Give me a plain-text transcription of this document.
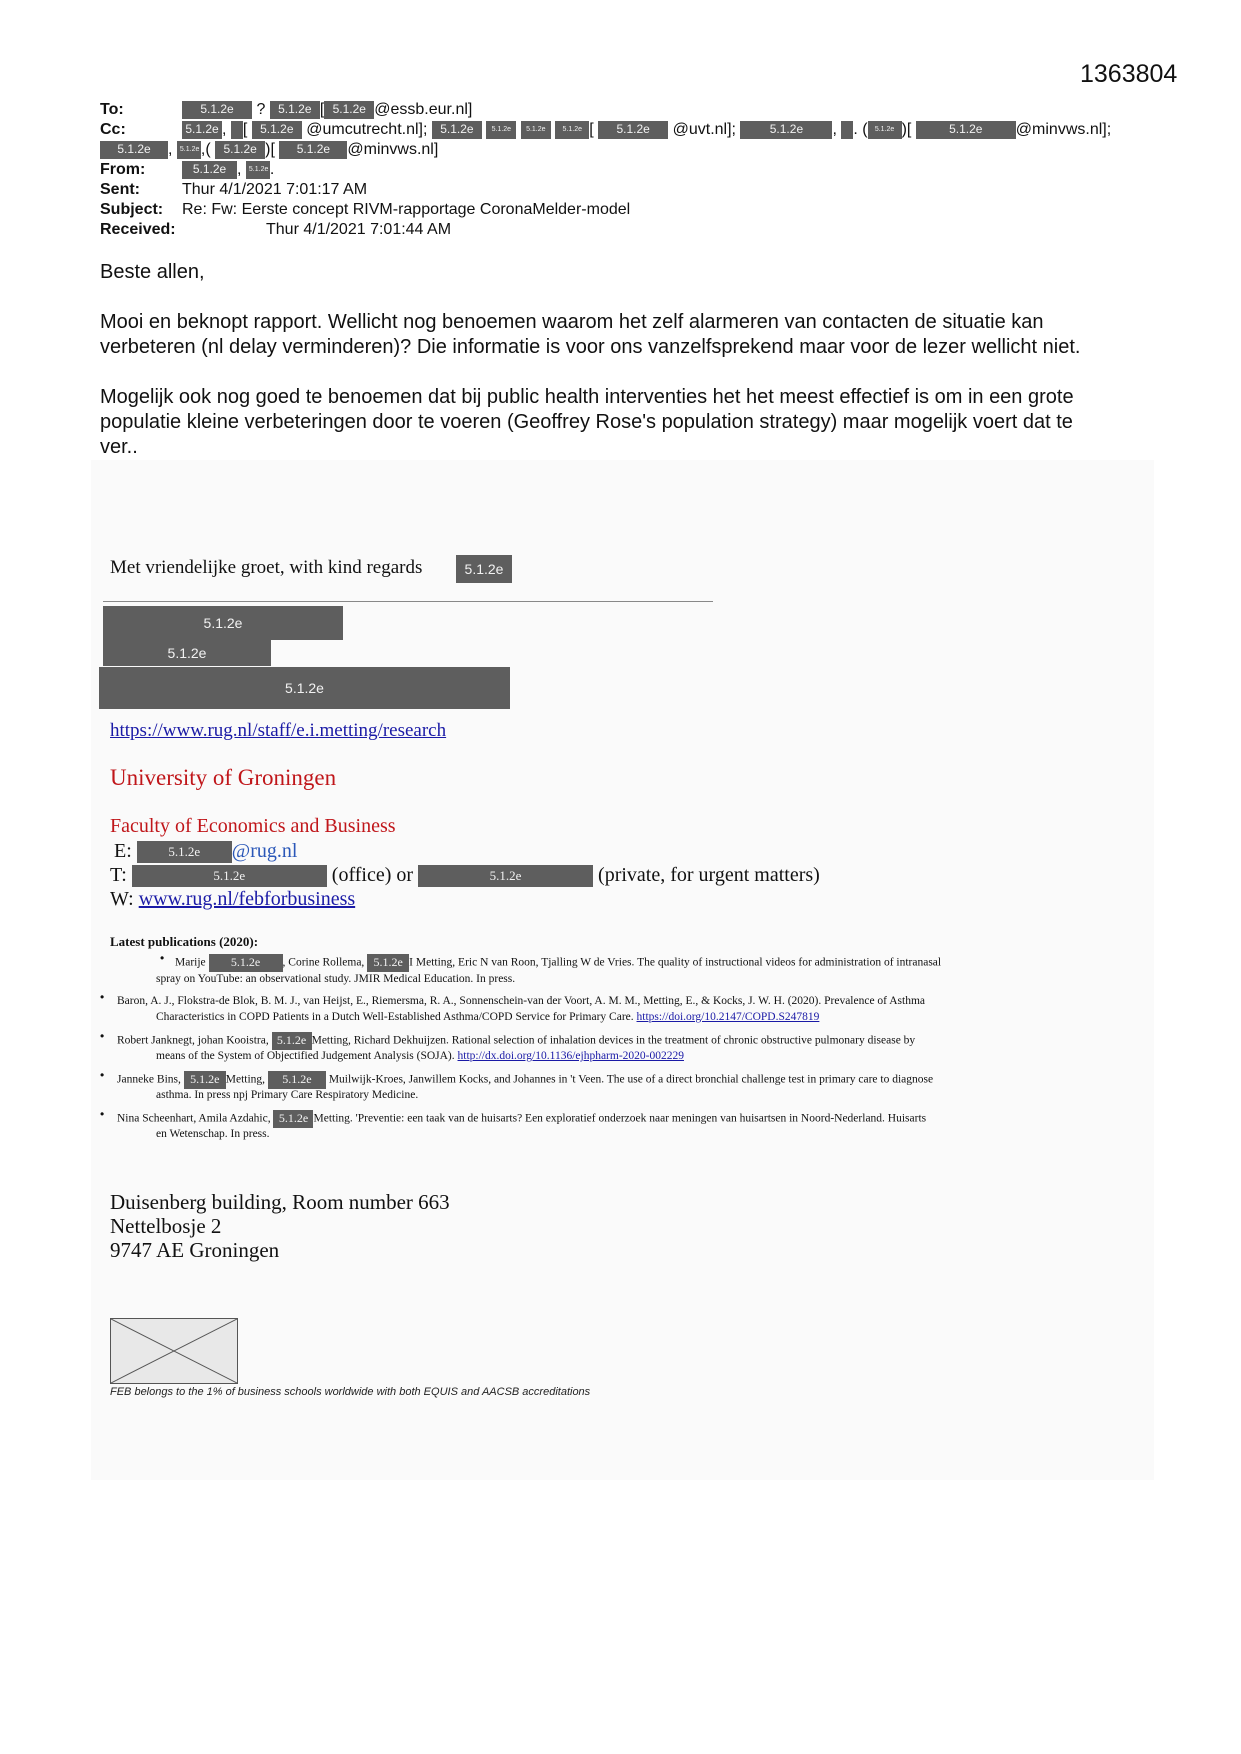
1363804
To:	5.1.2e ? 5.1.2e [ 5.1.2e @essb.eur.nl]
Cc:	5.1.2e , [ 5.1.2e @umcutrecht.nl]; 5.1.2e	5.1.2e 5.1.2e 5.1.2e [ 5.1.2e @uvt.nl];	5.1.2e , . ( 5.1.2e )[	5.1.2e @minvws.nl];
5.1.2e , 5.1.2e,( 5.1.2e )[ 5.1.2e @minvws.nl]
From:	5.1.2e , 5.1.2e.
Sent:	Thur 4/1/2021 7:01:17 AM
Subject: Re: Fw: Eerste concept RIVM-rapportage CoronaMelder-model
Received:	Thur 4/1/2021 7:01:44 AM
Beste allen,
Mooi en beknopt rapport. Wellicht nog benoemen waarom het zelf alarmeren van contacten de situatie kan
verbeteren (nl delay verminderen)? Die informatie is voor ons vanzelfsprekend maar voor de lezer wellicht niet.
Mogelijk ook nog goed te benoemen dat bij public health interventies het het meest effectief is om in een grote
populatie kleine verbeteringen door te voeren (Geoffrey Rose's population strategy) maar mogelijk voert dat te
ver..
Met vriendelijke groet, with kind regards	5.1.2e
5.1.2e
5.1.2e
5.1.2e
https://www.rug.nl/staff/e.i.metting/research
University of Groningen
Faculty of Economics and Business
E:	5.1.2e @rug.nl
T:	5.1.2e	(office) or	5.1.2e	(private, for urgent matters)
W: www.rug.nl/febforbusiness
Latest publications (2020):
• Marije 5.1.2e , Corine Rollema, 5.1.2e I Metting, Eric N van Roon, Tjalling W de Vries. The quality of instructional videos for administration of intranasal
spray on YouTube: an observational study. JMIR Medical Education. In press.
• Baron, A. J., Flokstra-de Blok, B. M. J., van Heijst, E., Riemersma, R. A., Sonnenschein-van der Voort, A. M. M., Metting, E., & Kocks, J. W. H. (2020). Prevalence of Asthma
Characteristics in COPD Patients in a Dutch Well-Established Asthma/COPD Service for Primary Care. https://doi.org/10.2147/COPD.S247819
• Robert Janknegt, johan Kooistra, 5.1.2e Metting, Richard Dekhuijzen. Rational selection of inhalation devices in the treatment of chronic obstructive pulmonary disease by
means of the System of Objectified Judgement Analysis (SOJA). http://dx.doi.org/10.1136/ejhpharm-2020-002229
• Janneke Bins, 5.1.2e Metting, 5.1.2e Muilwijk-Kroes, Janwillem Kocks, and Johannes in 't Veen. The use of a direct bronchial challenge test in primary care to diagnose
asthma. In press npj Primary Care Respiratory Medicine.
• Nina Scheenhart, Amila Azdahic, 5.1.2e Metting. 'Preventie: een taak van de huisarts? Een exploratief onderzoek naar meningen van huisartsen in Noord-Nederland. Huisarts
en Wetenschap. In press.
Duisenberg building, Room number 663
Nettelbosje 2
9747 AE Groningen
FEB belongs to the 1% of business schools worldwide with both EQUIS and AACSB accreditations
